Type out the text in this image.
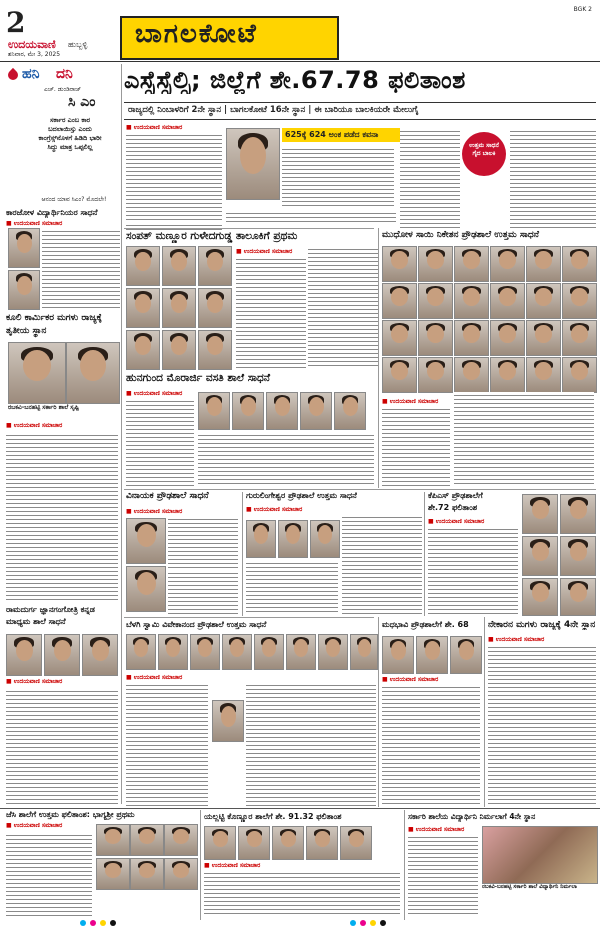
2
ಉದಯವಾಣಿ ಹುಬ್ಬಳ್ಳಿ
ಶನಿವಾರ, ಮೇ 3, 2025
ಬಾಗಲಕೋಟೆ
BGK 2
ಹನಿ ದನಿ
ಎಚ್. ಡುಂಡಿರಾಜ್
ಸಿ ಎಂ
ಸರ್ಕಾರ ಎಂಬ ಕಾರ ಬದಲಾಯಿಸ್ತು ಎಂದು ಕಾಂಗ್ರೆಸ್ಸ್‌ನೊಳಗೆ ಹಿಡಿದಿ ಭಾರೀ ಸಿದ್ಧು ಮಾತ್ರ ಒಪ್ಪಲಿಲ್ಲ
ಆನಂದ ಯಾವ ಸಿಎಂ? ಮೊದಲೇ!
ಕಾರಜೋಳ ವಿದ್ಯಾರ್ಥಿನಿಯರ ಸಾಧನೆ
■ ಉದಯವಾಣಿ ಸಮಾಚಾರ
ಕೂಲಿ ಕಾರ್ಮಿಕರ ಮಗಳು ರಾಜ್ಯಕ್ಕೆ ತೃತೀಯ ಸ್ಥಾನ
ರಬಕವಿ-ಬನಹಟ್ಟಿ ಸರ್ಕಾರಿ ಶಾಲೆ ಸೃಷ್ಟಿ
■ ಉದಯವಾಣಿ ಸಮಾಚಾರ
ರಾಮದುರ್ಗ ಜ್ಞಾನಗಂಗೋತ್ರಿ ಕನ್ನಡ ಮಾಧ್ಯಮ ಶಾಲೆ ಸಾಧನೆ
■ ಉದಯವಾಣಿ ಸಮಾಚಾರ
ಜೆಸಿ ಶಾಲೆಗೆ ಉತ್ತಮ ಫಲಿತಾಂಶ: ಭಾಗ್ಯಶ್ರೀ ಪ್ರಥಮ
■ ಉದಯವಾಣಿ ಸಮಾಚಾರ
ಎಸ್ಸೆಸ್ಸೆಲ್ಸಿ; ಜಿಲ್ಲೆಗೆ ಶೇ.67.78 ಫಲಿತಾಂಶ
ರಾಜ್ಯದಲ್ಲಿ ನಿಂಬಾಳರಿಗೆ 2ನೇ ಸ್ಥಾನ | ಬಾಗಲಕೋಟೆ 16ನೇ ಸ್ಥಾನ | ಈ ಬಾರಿಯೂ ಬಾಲಕಿಯರೇ ಮೇಲುಗೈ
■ ಉದಯವಾಣಿ ಸಮಾಚಾರ
625ಕ್ಕೆ 624 ಅಂಕ ಪಡೆದ ಕವನಾ
ಉತ್ತಮ ಸಾಧನೆ ಗೈದ ಬಾಲಕಿ
ಸಂಪತ್ ಮಣ್ಣೂರ ಗುಳೇದಗುಡ್ಡ ತಾಲೂಕಿಗೆ ಪ್ರಥಮ
■ ಉದಯವಾಣಿ ಸಮಾಚಾರ
ಮುಧೋಳ ಸಾಯಿ ನಿಕೇತನ ಪ್ರೌಢಶಾಲೆ ಉತ್ತಮ ಸಾಧನೆ
■ ಉದಯವಾಣಿ ಸಮಾಚಾರ
ಹುನಗುಂದ ಮೊರಾರ್ಜಿ ವಸತಿ ಶಾಲೆ ಸಾಧನೆ
■ ಉದಯವಾಣಿ ಸಮಾಚಾರ
ವಿನಾಯಕ ಪ್ರೌಢಶಾಲೆ ಸಾಧನೆ
■ ಉದಯವಾಣಿ ಸಮಾಚಾರ
ಗುರುಲಿಂಗೇಶ್ವರ ಪ್ರೌಢಶಾಲೆ ಉತ್ತಮ ಸಾಧನೆ
■ ಉದಯವಾಣಿ ಸಮಾಚಾರ
ಕೆಪಿಎಸ್ ಪ್ರೌಢಶಾಲೆಗೆ
ಶೇ.72 ಫಲಿತಾಂಶ
■ ಉದಯವಾಣಿ ಸಮಾಚಾರ
ಬೆಳಗಿ ಸ್ವಾಮಿ ವಿವೇಕಾನಂದ ಪ್ರೌಢಶಾಲೆ ಉತ್ತಮ ಸಾಧನೆ
■ ಉದಯವಾಣಿ ಸಮಾಚಾರ
ಮಧಭಾವಿ ಪ್ರೌಢಶಾಲೆಗೆ ಶೇ. 68
■ ಉದಯವಾಣಿ ಸಮಾಚಾರ
ನೇಕಾರನ ಮಗಳು ರಾಜ್ಯಕ್ಕೆ 4ನೇ ಸ್ಥಾನ
■ ಉದಯವಾಣಿ ಸಮಾಚಾರ
ಯಲ್ಲಟ್ಟಿ ಕೊಣ್ಣೂರ ಶಾಲೆಗೆ ಶೇ. 91.32 ಫಲಿತಾಂಶ
■ ಉದಯವಾಣಿ ಸಮಾಚಾರ
ಸರ್ಕಾರಿ ಶಾಲೆಯ ವಿದ್ಯಾರ್ಥಿನಿ ನಿರ್ಮಲಾಗೆ 4ನೇ ಸ್ಥಾನ
■ ಉದಯವಾಣಿ ಸಮಾಚಾರ
ರಬಕವಿ-ಬನಹಟ್ಟಿ ಸರ್ಕಾರಿ ಶಾಲೆ ವಿದ್ಯಾರ್ಥಿನಿ ನಿರ್ಮಲಾ
